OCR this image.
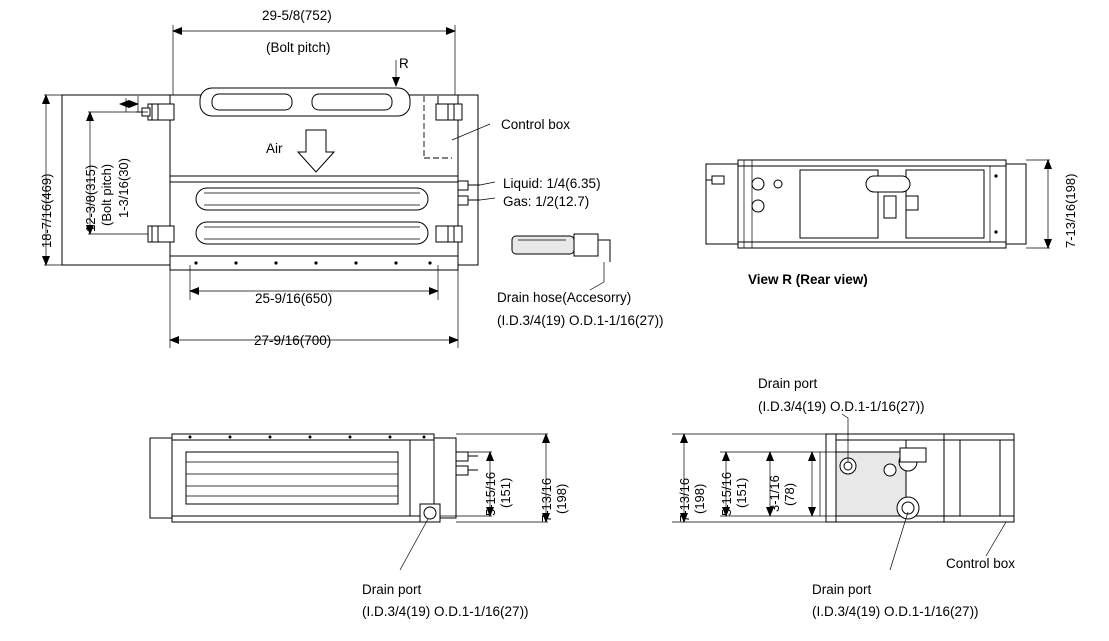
29-5/8(752)
(Bolt pitch)
R
Control box
Air
Liquid: 1/4(6.35)
Gas: 1/2(12.7)
25-9/16(650)
27-9/16(700)
Drain hose(Accesorry)
(I.D.3/4(19) O.D.1-1/16(27))
18-7/16(469) 12-3/8(315) (Bolt pitch) 1-3/16(30)
View R (Rear view)
7-13/16(198)
5-15/16 (151) 7-13/16 (198)
Drain port
(I.D.3/4(19) O.D.1-1/16(27))
7-13/16 (198) 5-15/16 (151) 3-1/16 (78)
Drain port
(I.D.3/4(19) O.D.1-1/16(27))
Drain port
(I.D.3/4(19) O.D.1-1/16(27))
Control box
